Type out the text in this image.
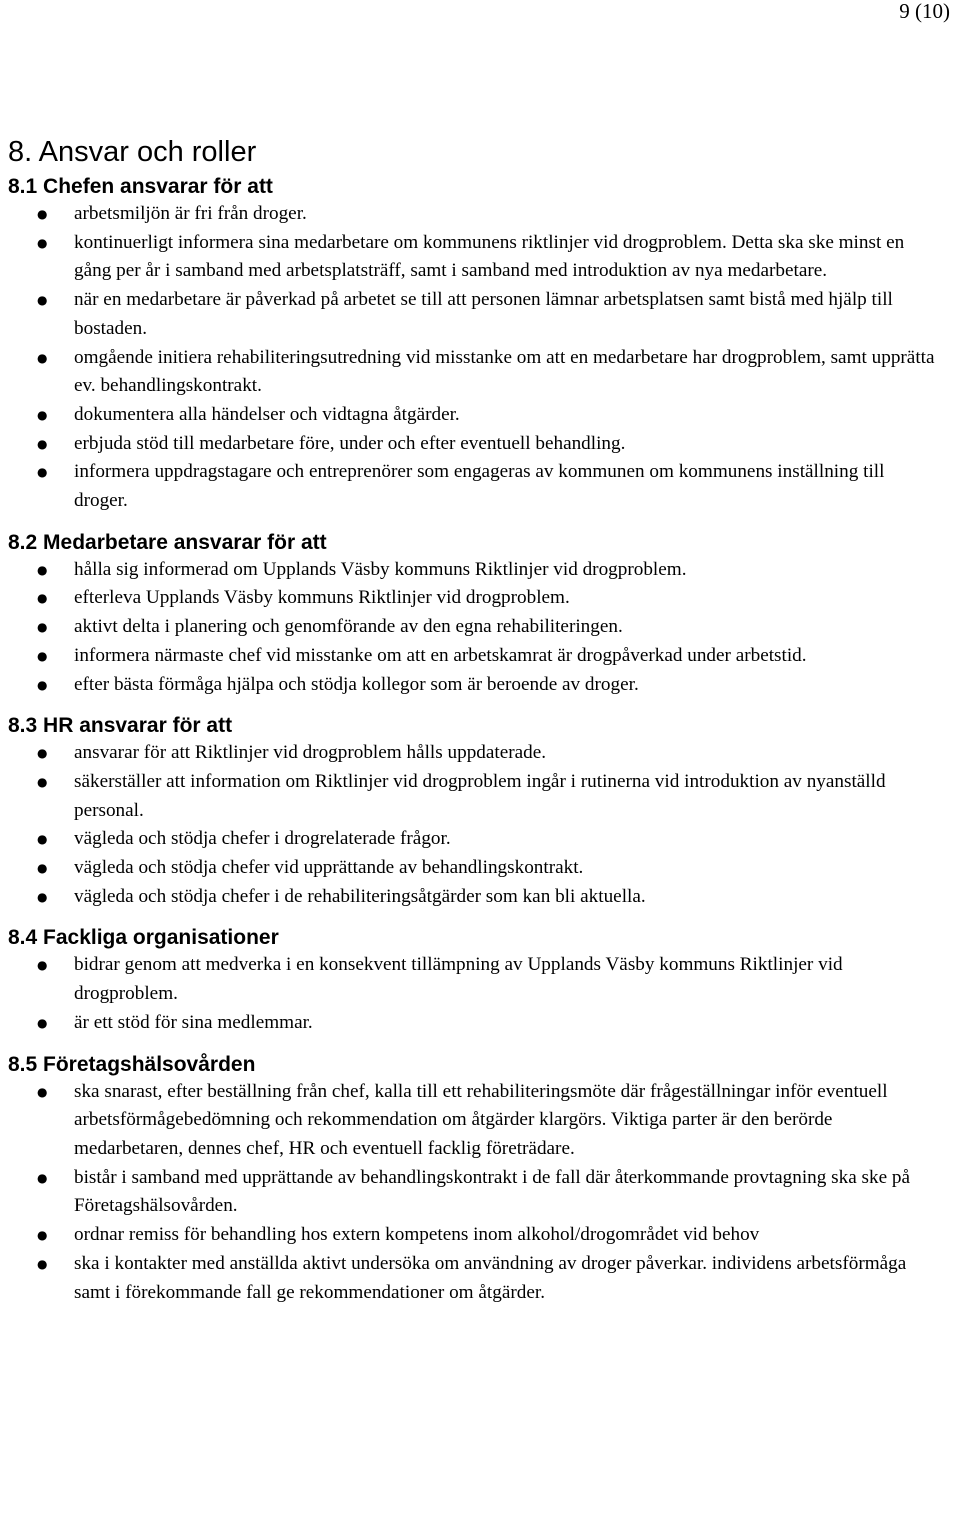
9 (10)
8. Ansvar och roller
8.1 Chefen ansvarar för att
● arbetsmiljön är fri från droger.
● kontinuerligt informera sina medarbetare om kommunens riktlinjer vid drogproblem. Detta ska ske minst en gång per år i samband med arbetsplatsträff, samt i samband med introduktion av nya medarbetare.
● när en medarbetare är påverkad på arbetet se till att personen lämnar arbetsplatsen samt bistå med hjälp till bostaden.
● omgående initiera rehabiliteringsutredning vid misstanke om att en medarbetare har drogproblem, samt upprätta ev. behandlingskontrakt.
● dokumentera alla händelser och vidtagna åtgärder.
● erbjuda stöd till medarbetare före, under och efter eventuell behandling.
● informera uppdragstagare och entreprenörer som engageras av kommunen om kommunens inställning till droger.
8.2 Medarbetare ansvarar för att
● hålla sig informerad om Upplands Väsby kommuns Riktlinjer vid drogproblem.
● efterleva Upplands Väsby kommuns Riktlinjer vid drogproblem.
● aktivt delta i planering och genomförande av den egna rehabiliteringen.
● informera närmaste chef vid misstanke om att en arbetskamrat är drogpåverkad under arbetstid.
● efter bästa förmåga hjälpa och stödja kollegor som är beroende av droger.
8.3 HR ansvarar för att
● ansvarar för att Riktlinjer vid drogproblem hålls uppdaterade.
● säkerställer att information om Riktlinjer vid drogproblem ingår i rutinerna vid introduktion av nyanställd personal.
● vägleda och stödja chefer i drogrelaterade frågor.
● vägleda och stödja chefer vid upprättande av behandlingskontrakt.
● vägleda och stödja chefer i de rehabiliteringsåtgärder som kan bli aktuella.
8.4 Fackliga organisationer
● bidrar genom att medverka i en konsekvent tillämpning av Upplands Väsby kommuns Riktlinjer vid drogproblem.
● är ett stöd för sina medlemmar.
8.5 Företagshälsovården
● ska snarast, efter beställning från chef, kalla till ett rehabiliteringsmöte där frågeställningar inför eventuell arbetsförmågebedömning och rekommendation om åtgärder klargörs. Viktiga parter är den berörde medarbetaren, dennes chef, HR och eventuell facklig företrädare.
● bistår i samband med upprättande av behandlingskontrakt i de fall där återkommande provtagning ska ske på Företagshälsovården.
● ordnar remiss för behandling hos extern kompetens inom alkohol/drogområdet vid behov
● ska i kontakter med anställda aktivt undersöka om användning av droger påverkar. individens arbetsförmåga samt i förekommande fall ge rekommendationer om åtgärder.
